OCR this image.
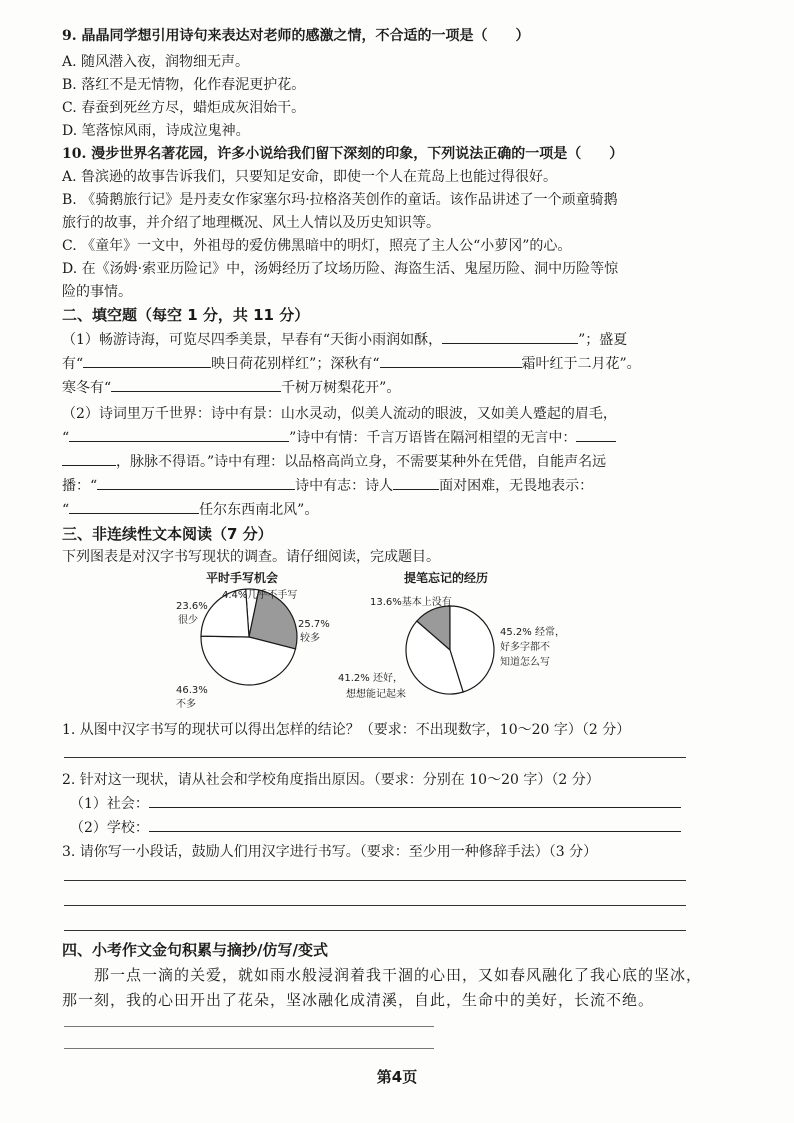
9. 晶晶同学想引用诗句来表达对老师的感激之情，不合适的一项是（　　）
A. 随风潜入夜，润物细无声。
B. 落红不是无情物，化作春泥更护花。
C. 春蚕到死丝方尽，蜡炬成灰泪始干。
D. 笔落惊风雨，诗成泣鬼神。
10. 漫步世界名著花园，许多小说给我们留下深刻的印象，下列说法正确的一项是（　　）
A. 鲁滨逊的故事告诉我们，只要知足安命，即使一个人在荒岛上也能过得很好。
B. 《骑鹅旅行记》是丹麦女作家塞尔玛·拉格洛芙创作的童话。该作品讲述了一个顽童骑鹅
旅行的故事，并介绍了地理概况、风土人情以及历史知识等。
C. 《童年》一文中，外祖母的爱仿佛黑暗中的明灯，照亮了主人公“小萝冈”的心。
D. 在《汤姆·索亚历险记》中，汤姆经历了坟场历险、海盗生活、鬼屋历险、洞中历险等惊
险的事情。
二、填空题（每空 1 分，共 11 分）
（1）畅游诗海，可览尽四季美景，早春有“天街小雨润如酥，	”；盛夏
有“	映日荷花别样红”；深秋有“	霜叶红于二月花”。
寒冬有“	千树万树梨花开”。
（2）诗词里万千世界：诗中有景：山水灵动，似美人流动的眼波，又如美人蹙起的眉毛，
“	”诗中有情：千言万语皆在隔河相望的无言中：
，脉脉不得语。”诗中有理：以品格高尚立身，不需要某种外在凭借，自能声名远
播：“	诗中有志：诗人	面对困难，无畏地表示：
“	任尔东西南北风”。
三、非连续性文本阅读（7 分）
下列图表是对汉字书写现状的调查。请仔细阅读，完成题目。
平时手写机会
4.4%几乎不手写
23.6%
很少	25.7%
较多
46.3%
不多
提笔忘记的经历
13.6%基本上没有
45.2% 经常，
好多字都不
知道怎么写
41.2% 还好，
想想能记起来
1. 从图中汉字书写的现状可以得出怎样的结论？（要求：不出现数字，10～20 字）（2 分）
2. 针对这一现状，请从社会和学校角度指出原因。（要求：分别在 10～20 字）（2 分）
（1）社会：
（2）学校：
3. 请你写一小段话，鼓励人们用汉字进行书写。（要求：至少用一种修辞手法）（3 分）
四、小考作文金句积累与摘抄/仿写/变式
那一点一滴的关爱，就如雨水般浸润着我干涸的心田，又如春风融化了我心底的坚冰，
那一刻，我的心田开出了花朵，坚冰融化成清溪，自此，生命中的美好，长流不绝。
第4页
